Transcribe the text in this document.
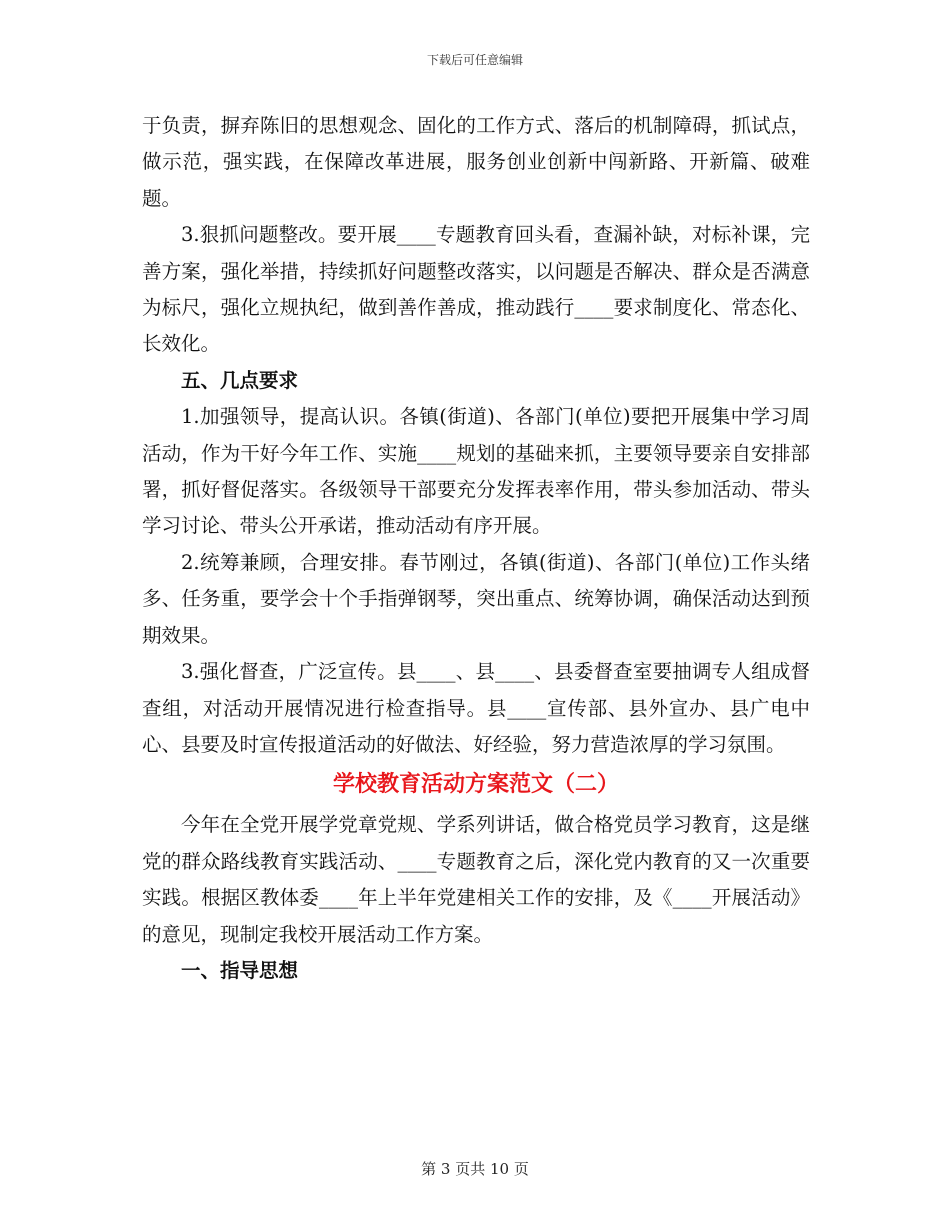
下载后可任意编辑

于负责，摒弃陈旧的思想观念、固化的工作方式、落后的机制障碍，抓试点，做示范，强实践，在保障改革进展，服务创业创新中闯新路、开新篇、破难题。

3.狠抓问题整改。要开展____专题教育回头看，查漏补缺，对标补课，完善方案，强化举措，持续抓好问题整改落实，以问题是否解决、群众是否满意为标尺，强化立规执纪，做到善作善成，推动践行____要求制度化、常态化、长效化。

五、几点要求

1.加强领导，提高认识。各镇(街道)、各部门(单位)要把开展集中学习周活动，作为干好今年工作、实施____规划的基础来抓，主要领导要亲自安排部署，抓好督促落实。各级领导干部要充分发挥表率作用，带头参加活动、带头学习讨论、带头公开承诺，推动活动有序开展。

2.统筹兼顾，合理安排。春节刚过，各镇(街道)、各部门(单位)工作头绪多、任务重，要学会十个手指弹钢琴，突出重点、统筹协调，确保活动达到预期效果。

3.强化督查，广泛宣传。县____、县____、县委督查室要抽调专人组成督查组，对活动开展情况进行检查指导。县____宣传部、县外宣办、县广电中心、县要及时宣传报道活动的好做法、好经验，努力营造浓厚的学习氛围。

学校教育活动方案范文（二）

今年在全党开展学党章党规、学系列讲话，做合格党员学习教育，这是继党的群众路线教育实践活动、____专题教育之后，深化党内教育的又一次重要实践。根据区教体委____年上半年党建相关工作的安排，及《____开展活动》的意见，现制定我校开展活动工作方案。

一、指导思想

第 3 页共 10 页
